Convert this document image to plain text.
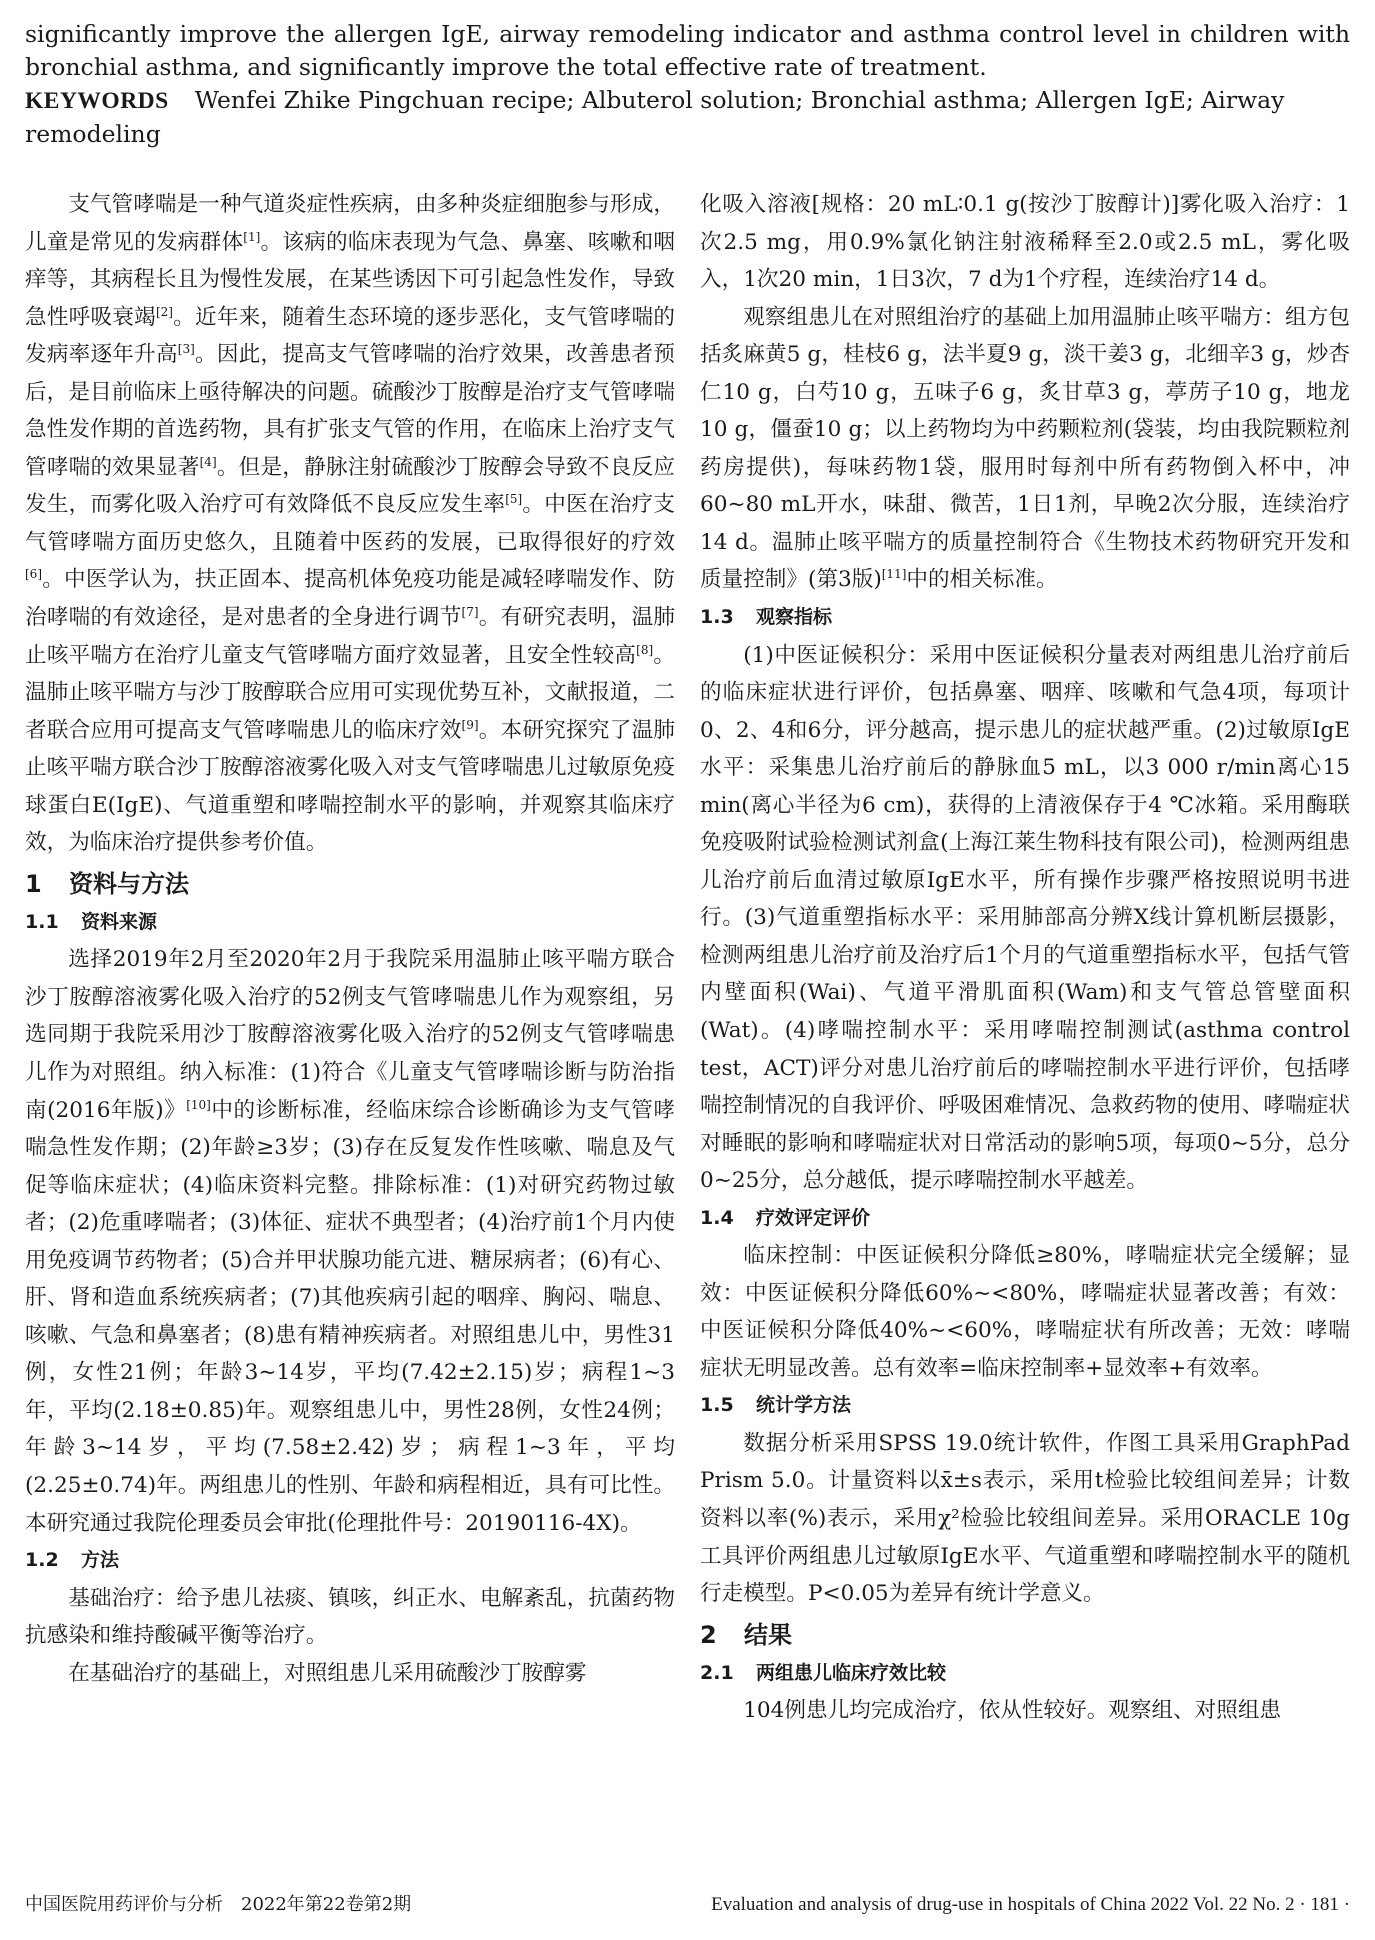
significantly improve the allergen IgE, airway remodeling indicator and asthma control level in children with bronchial asthma, and significantly improve the total effective rate of treatment.
KEYWORDS Wenfei Zhike Pingchuan recipe; Albuterol solution; Bronchial asthma; Allergen IgE; Airway remodeling

支气管哮喘是一种气道炎症性疾病，由多种炎症细胞参与形成，儿童是常见的发病群体[1]。该病的临床表现为气急、鼻塞、咳嗽和咽痒等，其病程长且为慢性发展，在某些诱因下可引起急性发作，导致急性呼吸衰竭[2]。近年来，随着生态环境的逐步恶化，支气管哮喘的发病率逐年升高[3]。因此，提高支气管哮喘的治疗效果，改善患者预后，是目前临床上亟待解决的问题。硫酸沙丁胺醇是治疗支气管哮喘急性发作期的首选药物，具有扩张支气管的作用，在临床上治疗支气管哮喘的效果显著[4]。但是，静脉注射硫酸沙丁胺醇会导致不良反应发生，而雾化吸入治疗可有效降低不良反应发生率[5]。中医在治疗支气管哮喘方面历史悠久，且随着中医药的发展，已取得很好的疗效[6]。中医学认为，扶正固本、提高机体免疫功能是减轻哮喘发作、防治哮喘的有效途径，是对患者的全身进行调节[7]。有研究表明，温肺止咳平喘方在治疗儿童支气管哮喘方面疗效显著，且安全性较高[8]。温肺止咳平喘方与沙丁胺醇联合应用可实现优势互补，文献报道，二者联合应用可提高支气管哮喘患儿的临床疗效[9]。本研究探究了温肺止咳平喘方联合沙丁胺醇溶液雾化吸入对支气管哮喘患儿过敏原免疫球蛋白E(IgE)、气道重塑和哮喘控制水平的影响，并观察其临床疗效，为临床治疗提供参考价值。

1 资料与方法
1.1 资料来源

选择2019年2月至2020年2月于我院采用温肺止咳平喘方联合沙丁胺醇溶液雾化吸入治疗的52例支气管哮喘患儿作为观察组，另选同期于我院采用沙丁胺醇溶液雾化吸入治疗的52例支气管哮喘患儿作为对照组。纳入标准：(1)符合《儿童支气管哮喘诊断与防治指南(2016年版)》[10]中的诊断标准，经临床综合诊断确诊为支气管哮喘急性发作期；(2)年龄≥3岁；(3)存在反复发作性咳嗽、喘息及气促等临床症状；(4)临床资料完整。排除标准：(1)对研究药物过敏者；(2)危重哮喘者；(3)体征、症状不典型者；(4)治疗前1个月内使用免疫调节药物者；(5)合并甲状腺功能亢进、糖尿病者；(6)有心、肝、肾和造血系统疾病者；(7)其他疾病引起的咽痒、胸闷、喘息、咳嗽、气急和鼻塞者；(8)患有精神疾病者。对照组患儿中，男性31例，女性21例；年龄3~14岁，平均(7.42±2.15)岁；病程1~3年，平均(2.18±0.85)年。观察组患儿中，男性28例，女性24例；年龄3~14岁，平均(7.58±2.42)岁；病程1~3年，平均(2.25±0.74)年。两组患儿的性别、年龄和病程相近，具有可比性。本研究通过我院伦理委员会审批(伦理批件号：20190116-4X)。

1.2 方法

基础治疗：给予患儿祛痰、镇咳，纠正水、电解紊乱，抗菌药物抗感染和维持酸碱平衡等治疗。

在基础治疗的基础上，对照组患儿采用硫酸沙丁胺醇雾

化吸入溶液[规格：20 mL∶0.1 g(按沙丁胺醇计)]雾化吸入治疗：1次2.5 mg，用0.9%氯化钠注射液稀释至2.0或2.5 mL，雾化吸入，1次20 min，1日3次，7 d为1个疗程，连续治疗14 d。

观察组患儿在对照组治疗的基础上加用温肺止咳平喘方：组方包括炙麻黄5 g，桂枝6 g，法半夏9 g，淡干姜3 g，北细辛3 g，炒杏仁10 g，白芍10 g，五味子6 g，炙甘草3 g，葶苈子10 g，地龙10 g，僵蚕10 g；以上药物均为中药颗粒剂(袋装，均由我院颗粒剂药房提供)，每味药物1袋，服用时每剂中所有药物倒入杯中，冲60~80 mL开水，味甜、微苦，1日1剂，早晚2次分服，连续治疗14 d。温肺止咳平喘方的质量控制符合《生物技术药物研究开发和质量控制》(第3版)[11]中的相关标准。

1.3 观察指标

(1)中医证候积分：采用中医证候积分量表对两组患儿治疗前后的临床症状进行评价，包括鼻塞、咽痒、咳嗽和气急4项，每项计0、2、4和6分，评分越高，提示患儿的症状越严重。(2)过敏原IgE水平：采集患儿治疗前后的静脉血5 mL，以3 000 r/min离心15 min(离心半径为6 cm)，获得的上清液保存于4 ℃冰箱。采用酶联免疫吸附试验检测试剂盒(上海江莱生物科技有限公司)，检测两组患儿治疗前后血清过敏原IgE水平，所有操作步骤严格按照说明书进行。(3)气道重塑指标水平：采用肺部高分辨X线计算机断层摄影，检测两组患儿治疗前及治疗后1个月的气道重塑指标水平，包括气管内壁面积(Wai)、气道平滑肌面积(Wam)和支气管总管壁面积(Wat)。(4)哮喘控制水平：采用哮喘控制测试(asthma control test，ACT)评分对患儿治疗前后的哮喘控制水平进行评价，包括哮喘控制情况的自我评价、呼吸困难情况、急救药物的使用、哮喘症状对睡眠的影响和哮喘症状对日常活动的影响5项，每项0~5分，总分0~25分，总分越低，提示哮喘控制水平越差。

1.4 疗效评定评价

临床控制：中医证候积分降低≥80%，哮喘症状完全缓解；显效：中医证候积分降低60%~<80%，哮喘症状显著改善；有效：中医证候积分降低40%~<60%，哮喘症状有所改善；无效：哮喘症状无明显改善。总有效率=临床控制率+显效率+有效率。

1.5 统计学方法

数据分析采用SPSS 19.0统计软件，作图工具采用GraphPad Prism 5.0。计量资料以x̄±s表示，采用t检验比较组间差异；计数资料以率(%)表示，采用χ²检验比较组间差异。采用ORACLE 10g工具评价两组患儿过敏原IgE水平、气道重塑和哮喘控制水平的随机行走模型。P<0.05为差异有统计学意义。

2 结果
2.1 两组患儿临床疗效比较

104例患儿均完成治疗，依从性较好。观察组、对照组患

中国医院用药评价与分析　2022年第22卷第2期	Evaluation and analysis of drug-use in hospitals of China 2022 Vol. 22 No. 2 · 181 ·
